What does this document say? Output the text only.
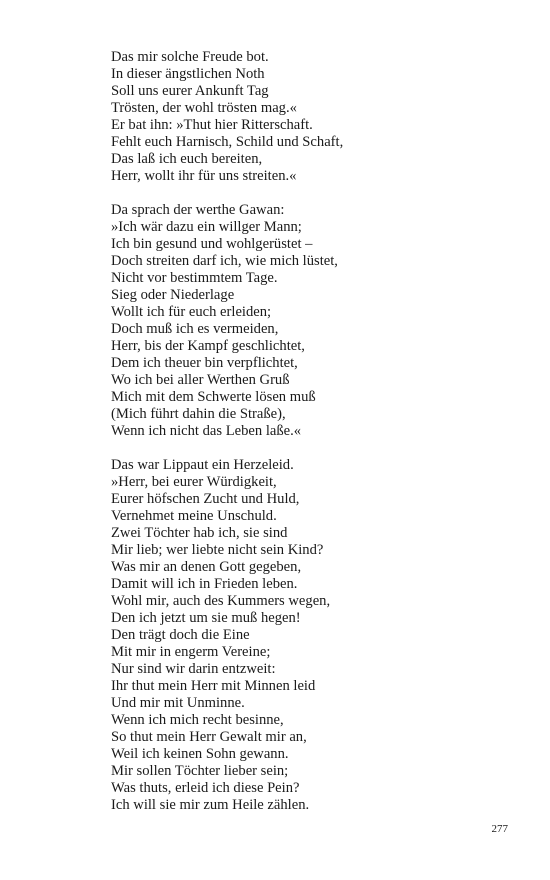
Das mir solche Freude bot.
In dieser ängstlichen Noth
Soll uns eurer Ankunft Tag
Trösten, der wohl trösten mag.«
Er bat ihn: »Thut hier Ritterschaft.
Fehlt euch Harnisch, Schild und Schaft,
Das laß ich euch bereiten,
Herr, wollt ihr für uns streiten.«
Da sprach der werthe Gawan:
»Ich wär dazu ein willger Mann;
Ich bin gesund und wohlgerüstet –
Doch streiten darf ich, wie mich lüstet,
Nicht vor bestimmtem Tage.
Sieg oder Niederlage
Wollt ich für euch erleiden;
Doch muß ich es vermeiden,
Herr, bis der Kampf geschlichtet,
Dem ich theuer bin verpflichtet,
Wo ich bei aller Werthen Gruß
Mich mit dem Schwerte lösen muß
(Mich führt dahin die Straße),
Wenn ich nicht das Leben laße.«
Das war Lippaut ein Herzeleid.
»Herr, bei eurer Würdigkeit,
Eurer höfschen Zucht und Huld,
Vernehmet meine Unschuld.
Zwei Töchter hab ich, sie sind
Mir lieb; wer liebte nicht sein Kind?
Was mir an denen Gott gegeben,
Damit will ich in Frieden leben.
Wohl mir, auch des Kummers wegen,
Den ich jetzt um sie muß hegen!
Den trägt doch die Eine
Mit mir in engerm Vereine;
Nur sind wir darin entzweit:
Ihr thut mein Herr mit Minnen leid
Und mir mit Unminne.
Wenn ich mich recht besinne,
So thut mein Herr Gewalt mir an,
Weil ich keinen Sohn gewann.
Mir sollen Töchter lieber sein;
Was thuts, erleid ich diese Pein?
Ich will sie mir zum Heile zählen.
277
